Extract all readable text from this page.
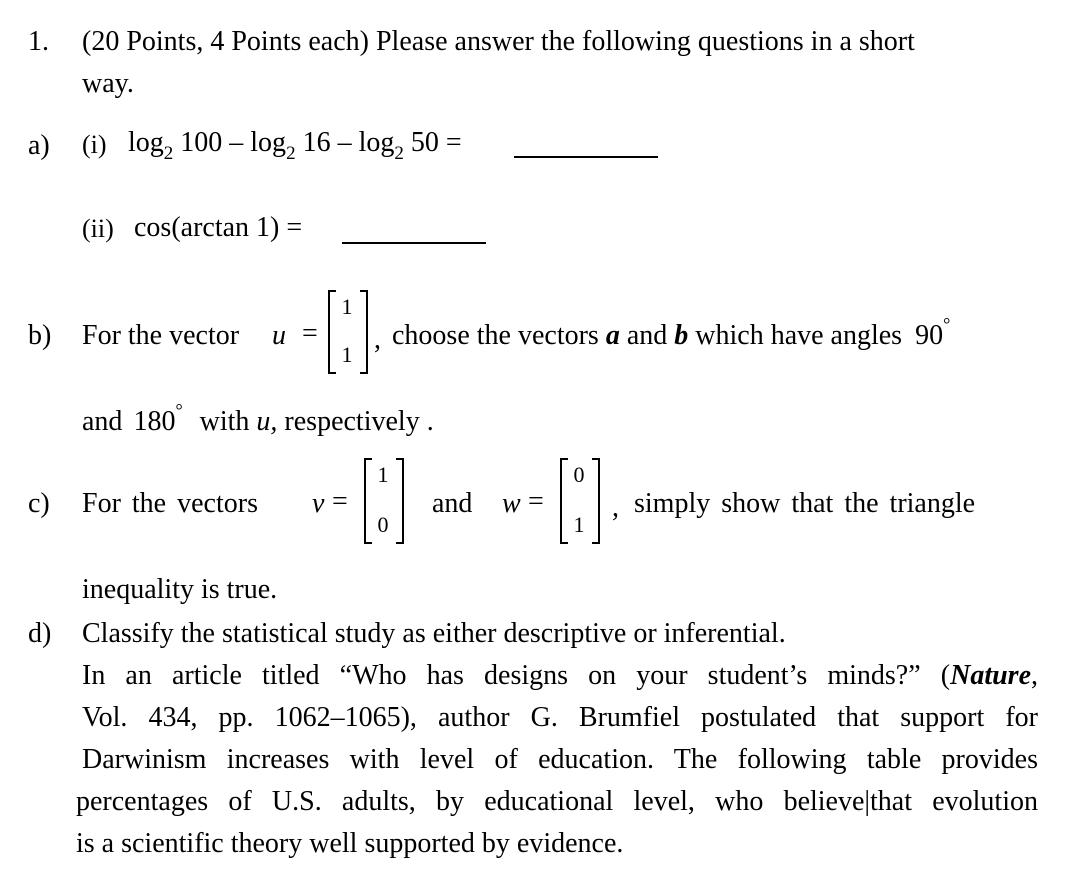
1. (20 Points, 4 Points each) Please answer the following questions in a short
way.
a) (i) $\log_2 100 - \log_2 16 - \log_2 50$ =
(ii) cos(arctan 1) =
b) For the vector u =
1
1 , choose the vectors a and b which have angles 90°
and 180° with u, respectively .
c) For the vectors v =
1
0
and w =
0
1
, simply show that the triangle
inequality is true.
d) Classify the statistical study as either descriptive or inferential.
In an article titled “Who has designs on your student’s minds?” (Nature,
Vol. 434, pp. 1062–1065), author G. Brumfiel postulated that support for
Darwinism increases with level of education. The following table provides
percentages of U.S. adults, by educational level, who believe|that evolution
is a scientific theory well supported by evidence.
